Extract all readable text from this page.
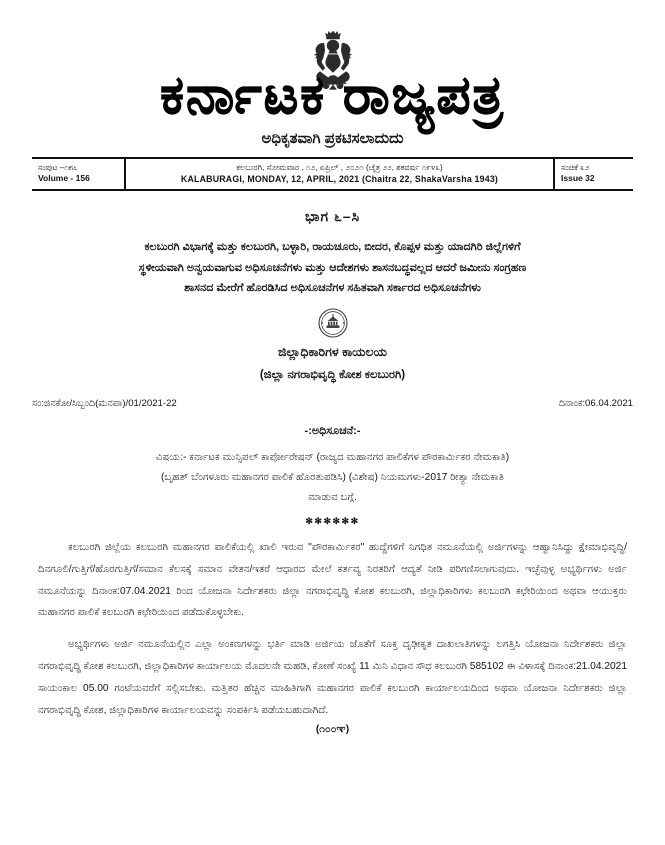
ಕರ್ನಾಟಕ ರಾಜ್ಯಪತ್ರ
ಅಧಿಕೃತವಾಗಿ ಪ್ರಕಟಿಸಲಾದುದು
ಸಂಪುಟ –೧೫೬
Volume - 156
ಕಲಬುರಗಿ, ಸೋಮವಾರ , ೧೨, ಏಪ್ರಿಲ್ , ೨೦೨೧ (ಚೈತ್ರ ೨೨, ಶಕವರ್ಷ ೧೯೪೩)
KALABURAGI, MONDAY, 12, APRIL, 2021 (Chaitra 22, ShakaVarsha 1943)
ಸಂಚಿಕೆ ೩೨
Issue 32
ಭಾಗ ೬–ಸಿ
ಕಲಬುರಗಿ ವಿಭಾಗಕ್ಕೆ ಮತ್ತು ಕಲಬುರಗಿ, ಬಳ್ಳಾರಿ, ರಾಯಚೂರು, ಬೀದರ, ಕೊಪ್ಪಳ ಮತ್ತು ಯಾದಗಿರಿ ಜಿಲ್ಲೆಗಳಿಗೆ
ಸ್ಥಳೀಯವಾಗಿ ಅನ್ವಯವಾಗುವ ಅಧಿಸೂಚನೆಗಳು ಮತ್ತು ಆದೇಶಗಳು ಶಾಸನಬದ್ಧವಲ್ಲದ ಆದರೆ ಜಮೀನು ಸಂಗ್ರಹಣ
ಶಾಸನದ ಮೇರೆಗೆ ಹೊರಡಿಸಿದ ಅಧಿಸೂಚನೆಗಳ ಸಹಿತವಾಗಿ ಸರ್ಕಾರದ ಅಧಿಸೂಚನೆಗಳು
ಜಿಲ್ಲಾಧಿಕಾರಿಗಳ ಕಾಯಲಯ
(ಜಿಲ್ಲಾ ನಗರಾಭಿವೃದ್ಧಿ ಕೋಶ ಕಲಬುರಗಿ)
ಸಂ:ಜಿನಕೋ/ಸಿಬ್ಬಂದಿ(ಮನಪಾ)/01/2021-22	ದಿನಾಂಕ:06.04.2021
-:ಅಧಿಸೂಚನೆ:-
ವಿಷಯ:- ಕರ್ನಾಟಕ ಮುನ್ಸಿಪಲ್ ಕಾರ್ಪೋರೇಷನ್ (ರಾಜ್ಯದ ಮಹಾನಗರ ಪಾಲಿಕೆಗಳ ಪೌರಕಾರ್ಮಿಕರ ನೇಮಕಾತಿ)
(ಬೃಹತ್ ಬೆಂಗಳೂರು ಮಹಾನಗರ ಪಾಲಿಕೆ ಹೊರತುಪಡಿಸಿ) (ವಿಶೇಷ) ನಿಯಮಗಳು-2017 ರೀತ್ಯಾ ನೇಮಕಾತಿ
ಮಾಡುವ ಬಗ್ಗೆ.
✻✻✻✻✻✻

ಕಲಬುರಗಿ ಜಿಲ್ಲೆಯ ಕಲಬುರಗಿ ಮಹಾನಗರ ಪಾಲಿಕೆಯಲ್ಲಿ ಖಾಲಿ ಇರುವ "ಪೌರಕಾರ್ಮಿಕರ" ಹುದ್ದೆಗಳಿಗೆ ನಿಗಧಿತ ನಮೂನೆಯಲ್ಲಿ ಅರ್ಜಿಗಳನ್ನು ಆಹ್ವಾನಿಸಿದ್ದು ಕ್ಷೇಮಾಭಿವೃದ್ಧಿ/ದಿನಗೂಲಿ/ಗುತ್ತಿಗೆ/ಹೊರಗುತ್ತಿಗೆ/ಸಮಾನ ಕೆಲಸಕ್ಕೆ ಸಮಾನ ವೇತನ/ಇತರೆ ಆಧಾರದ ಮೇಲೆ ಕರ್ತವ್ಯ ನಿರತರಿಗೆ ಆದ್ಯತೆ ನೀಡಿ ಪರಿಗಣಿಸಲಾಗುವುದು. ಇಚ್ಛೆವುಳ್ಳ ಅಭ್ಯರ್ಥಿಗಳು ಅರ್ಜಿ ನಮೂನೆಯನ್ನು ದಿನಾಂಕ:07.04.2021 ರಿಂದ ಯೋಜನಾ ನಿರ್ದೇಶಕರು ಜಿಲ್ಲಾ ನಗರಾಭಿವೃದ್ಧಿ ಕೋಶ ಕಲಬುರಗಿ, ಜಿಲ್ಲಾಧಿಕಾರಿಗಳು ಕಲಬುರಗಿ ಕಛೇರಿಯಿಂದ ಅಥವಾ ಆಯುಕ್ತರು ಮಹಾನಗರ ಪಾಲಿಕೆ ಕಲಬುರಗಿ ಕಛೇರಿಯಿಂದ ಪಡೆದುಕೊಳ್ಳಬೇಕು.

ಅಭ್ಯರ್ಥಿಗಳು ಅರ್ಜಿ ನಮೂನೆಯಲ್ಲಿನ ಎಲ್ಲಾ ಅಂಕಣಗಳನ್ನು ಭರ್ತಿ ಮಾಡಿ ಅರ್ಜಿಯ ಜೊತೆಗೆ ಸೂಕ್ತ ದೃಢೀಕೃತ ದಾಖಲಾತಿಗಳನ್ನು ಲಗತ್ತಿಸಿ ಯೋಜನಾ ನಿರ್ದೇಶಕರು ಜಿಲ್ಲಾ ನಗರಾಭಿವೃದ್ಧಿ ಕೋಶ ಕಲಬುರಗಿ, ಜಿಲ್ಲಾಧಿಕಾರಿಗಳ ಕಾರ್ಯಾಲಯ ಮೊದಲನೇ ಮಹಡಿ, ಕೋಣೆ ಸಂಖ್ಯೆ 11 ಮಿನಿ ವಿಧಾನ ಸೌಧ ಕಲಬುರಗಿ 585102 ಈ ವಿಳಾಸಕ್ಕೆ ದಿನಾಂಕ:21.04.2021 ಸಾಯಂಕಾಲ 05.00 ಗಂಟೆಯವರೆಗೆ ಸಲ್ಲಿಸಬೇಕು. ಮತ್ತಿತರ ಹೆಚ್ಚಿನ ಮಾಹಿತಿಗಾಗಿ ಮಹಾನಗರ ಪಾಲಿಕೆ ಕಲಬುರಗಿ ಕಾರ್ಯಾಲಯದಿಂದ ಅಥವಾ ಯೋಜನಾ ನಿರ್ದೇಶಕರು ಜಿಲ್ಲಾ ನಗರಾಭಿವೃದ್ಧಿ ಕೋಶ, ಜಿಲ್ಲಾಧಿಕಾರಿಗಳ ಕಾರ್ಯಾಲಯವನ್ನು ಸಂಪರ್ಕಿಸಿ ಪಡೆಯಬಹುದಾಗಿದೆ.

(೧೦೦ಞ)
